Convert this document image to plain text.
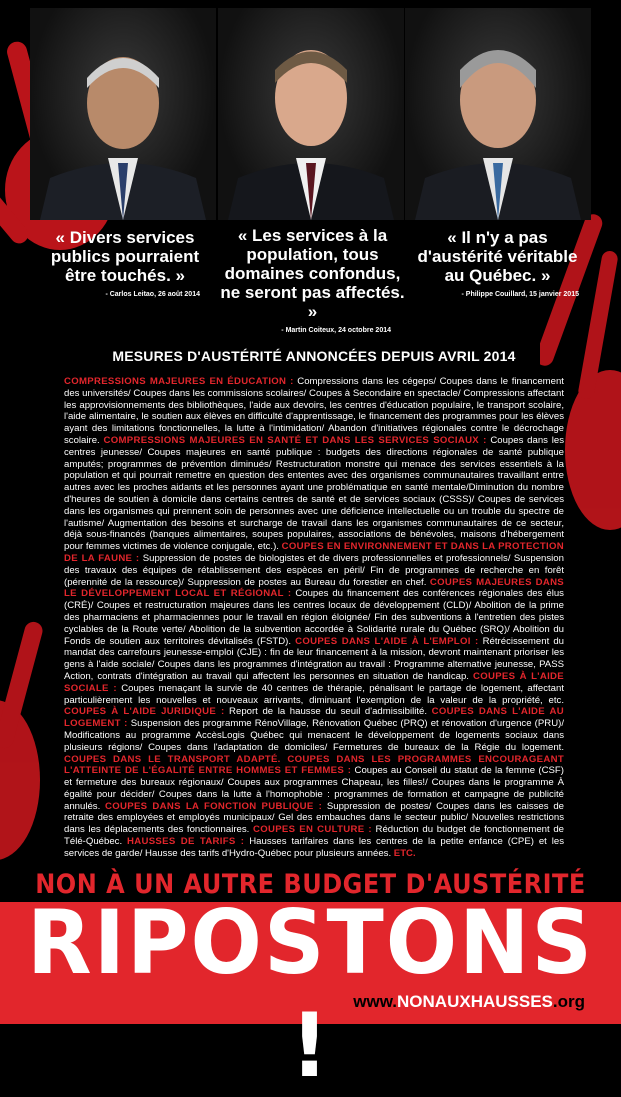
« Divers services publics pourraient être touchés. »
- Carlos Leitao, 26 août 2014
« Les services à la population, tous domaines confondus, ne seront pas affectés. »
- Martin Coiteux, 24 octobre 2014
« Il n'y a pas d'austérité véritable au Québec. »
- Philippe Couillard, 15 janvier 2015
MESURES D'AUSTÉRITÉ ANNONCÉES DEPUIS AVRIL 2014
COMPRESSIONS MAJEURES EN ÉDUCATION : Compressions dans les cégeps/ Coupes dans le financement des universités/ Coupes dans les commissions scolaires/ Coupes à Secondaire en spectacle/ Compressions affectant les approvisionnements des bibliothèques, l'aide aux devoirs, les centres d'éducation populaire, le transport scolaire, l'aide alimentaire, le soutien aux élèves en difficulté d'apprentissage, le financement des programmes pour les élèves ayant des limitations fonctionnelles, la lutte à l'intimidation/ Abandon d'initiatives régionales contre le décrochage scolaire. COMPRESSIONS MAJEURES EN SANTÉ ET DANS LES SERVICES SOCIAUX : Coupes dans les centres jeunesse/ Coupes majeures en santé publique : budgets des directions régionales de santé publique amputés; programmes de prévention diminués/ Restructuration monstre qui menace des services essentiels à la population et qui pourrait remettre en question des ententes avec des organismes communautaires travaillant entre autres avec les proches aidants et les personnes ayant une problématique en santé mentale/Diminution du nombre d'heures de soutien à domicile dans certains centres de santé et de services sociaux (CSSS)/ Coupes de services dans les organismes qui prennent soin de personnes avec une déficience intellectuelle ou un trouble du spectre de l'autisme/ Augmentation des besoins et surcharge de travail dans les organismes communautaires de ce secteur, déjà sous-financés (banques alimentaires, soupes populaires, associations de bénévoles, maisons d'hébergement pour femmes victimes de violence conjugale, etc.). COUPES EN ENVIRONNEMENT ET DANS LA PROTECTION DE LA FAUNE : Suppression de postes de biologistes et de divers professionnelles et professionnels/ Suspension des travaux des équipes de rétablissement des espèces en péril/ Fin de programmes de recherche en forêt (pérennité de la ressource)/ Suppression de postes au Bureau du forestier en chef. COUPES MAJEURES DANS LE DÉVELOPPEMENT LOCAL ET RÉGIONAL : Coupes du financement des conférences régionales des élus (CRÉ)/ Coupes et restructuration majeures dans les centres locaux de développement (CLD)/ Abolition de la prime des pharmaciens et pharmaciennes pour le travail en région éloignée/ Fin des subventions à l'entretien des pistes cyclables de la Route verte/ Abolition de la subvention accordée à Solidarité rurale du Québec (SRQ)/ Abolition du Fonds de soutien aux territoires dévitalisés (FSTD). COUPES DANS L'AIDE À L'EMPLOI : Rétrécissement du mandat des carrefours jeunesse-emploi (CJE) : fin de leur financement à la mission, devront maintenant prioriser les gens à l'aide sociale/ Coupes dans les programmes d'intégration au travail : Programme alternative jeunesse, PASS Action, contrats d'intégration au travail qui affectent les personnes en situation de handicap. COUPES À L'AIDE SOCIALE : Coupes menaçant la survie de 40 centres de thérapie, pénalisant le partage de logement, affectant particulièrement les nouvelles et nouveaux arrivants, diminuant l'exemption de la valeur de la propriété, etc. COUPES À L'AIDE JURIDIQUE : Report de la hausse du seuil d'admissibilité. COUPES DANS L'AIDE AU LOGEMENT : Suspension des programme RénoVillage, Rénovation Québec (PRQ) et rénovation d'urgence (PRU)/ Modifications au programme AccèsLogis Québec qui menacent le développement de logements sociaux dans plusieurs régions/ Coupes dans l'adaptation de domiciles/ Fermetures de bureaux de la Régie du logement. COUPES DANS LE TRANSPORT ADAPTÉ. COUPES DANS LES PROGRAMMES ENCOURAGEANT L'ATTEINTE DE L'ÉGALITÉ ENTRE HOMMES ET FEMMES : Coupes au Conseil du statut de la femme (CSF) et fermeture des bureaux régionaux/ Coupes aux programmes Chapeau, les filles!/ Coupes dans le programme À égalité pour décider/ Coupes dans la lutte à l'homophobie : programmes de formation et campagne de publicité annulés. COUPES DANS LA FONCTION PUBLIQUE : Suppression de postes/ Coupes dans les caisses de retraite des employées et employés municipaux/ Gel des embauches dans le secteur public/ Nouvelles restrictions dans les déplacements des fonctionnaires. COUPES EN CULTURE : Réduction du budget de fonctionnement de Télé-Québec. HAUSSES DE TARIFS : Hausses tarifaires dans les centres de la petite enfance (CPE) et les services de garde/ Hausse des tarifs d'Hydro-Québec pour plusieurs années. ETC.
NON À UN AUTRE BUDGET D'AUSTÉRITÉ
RIPOSTONS !	www.NONAUXHAUSSES.org
